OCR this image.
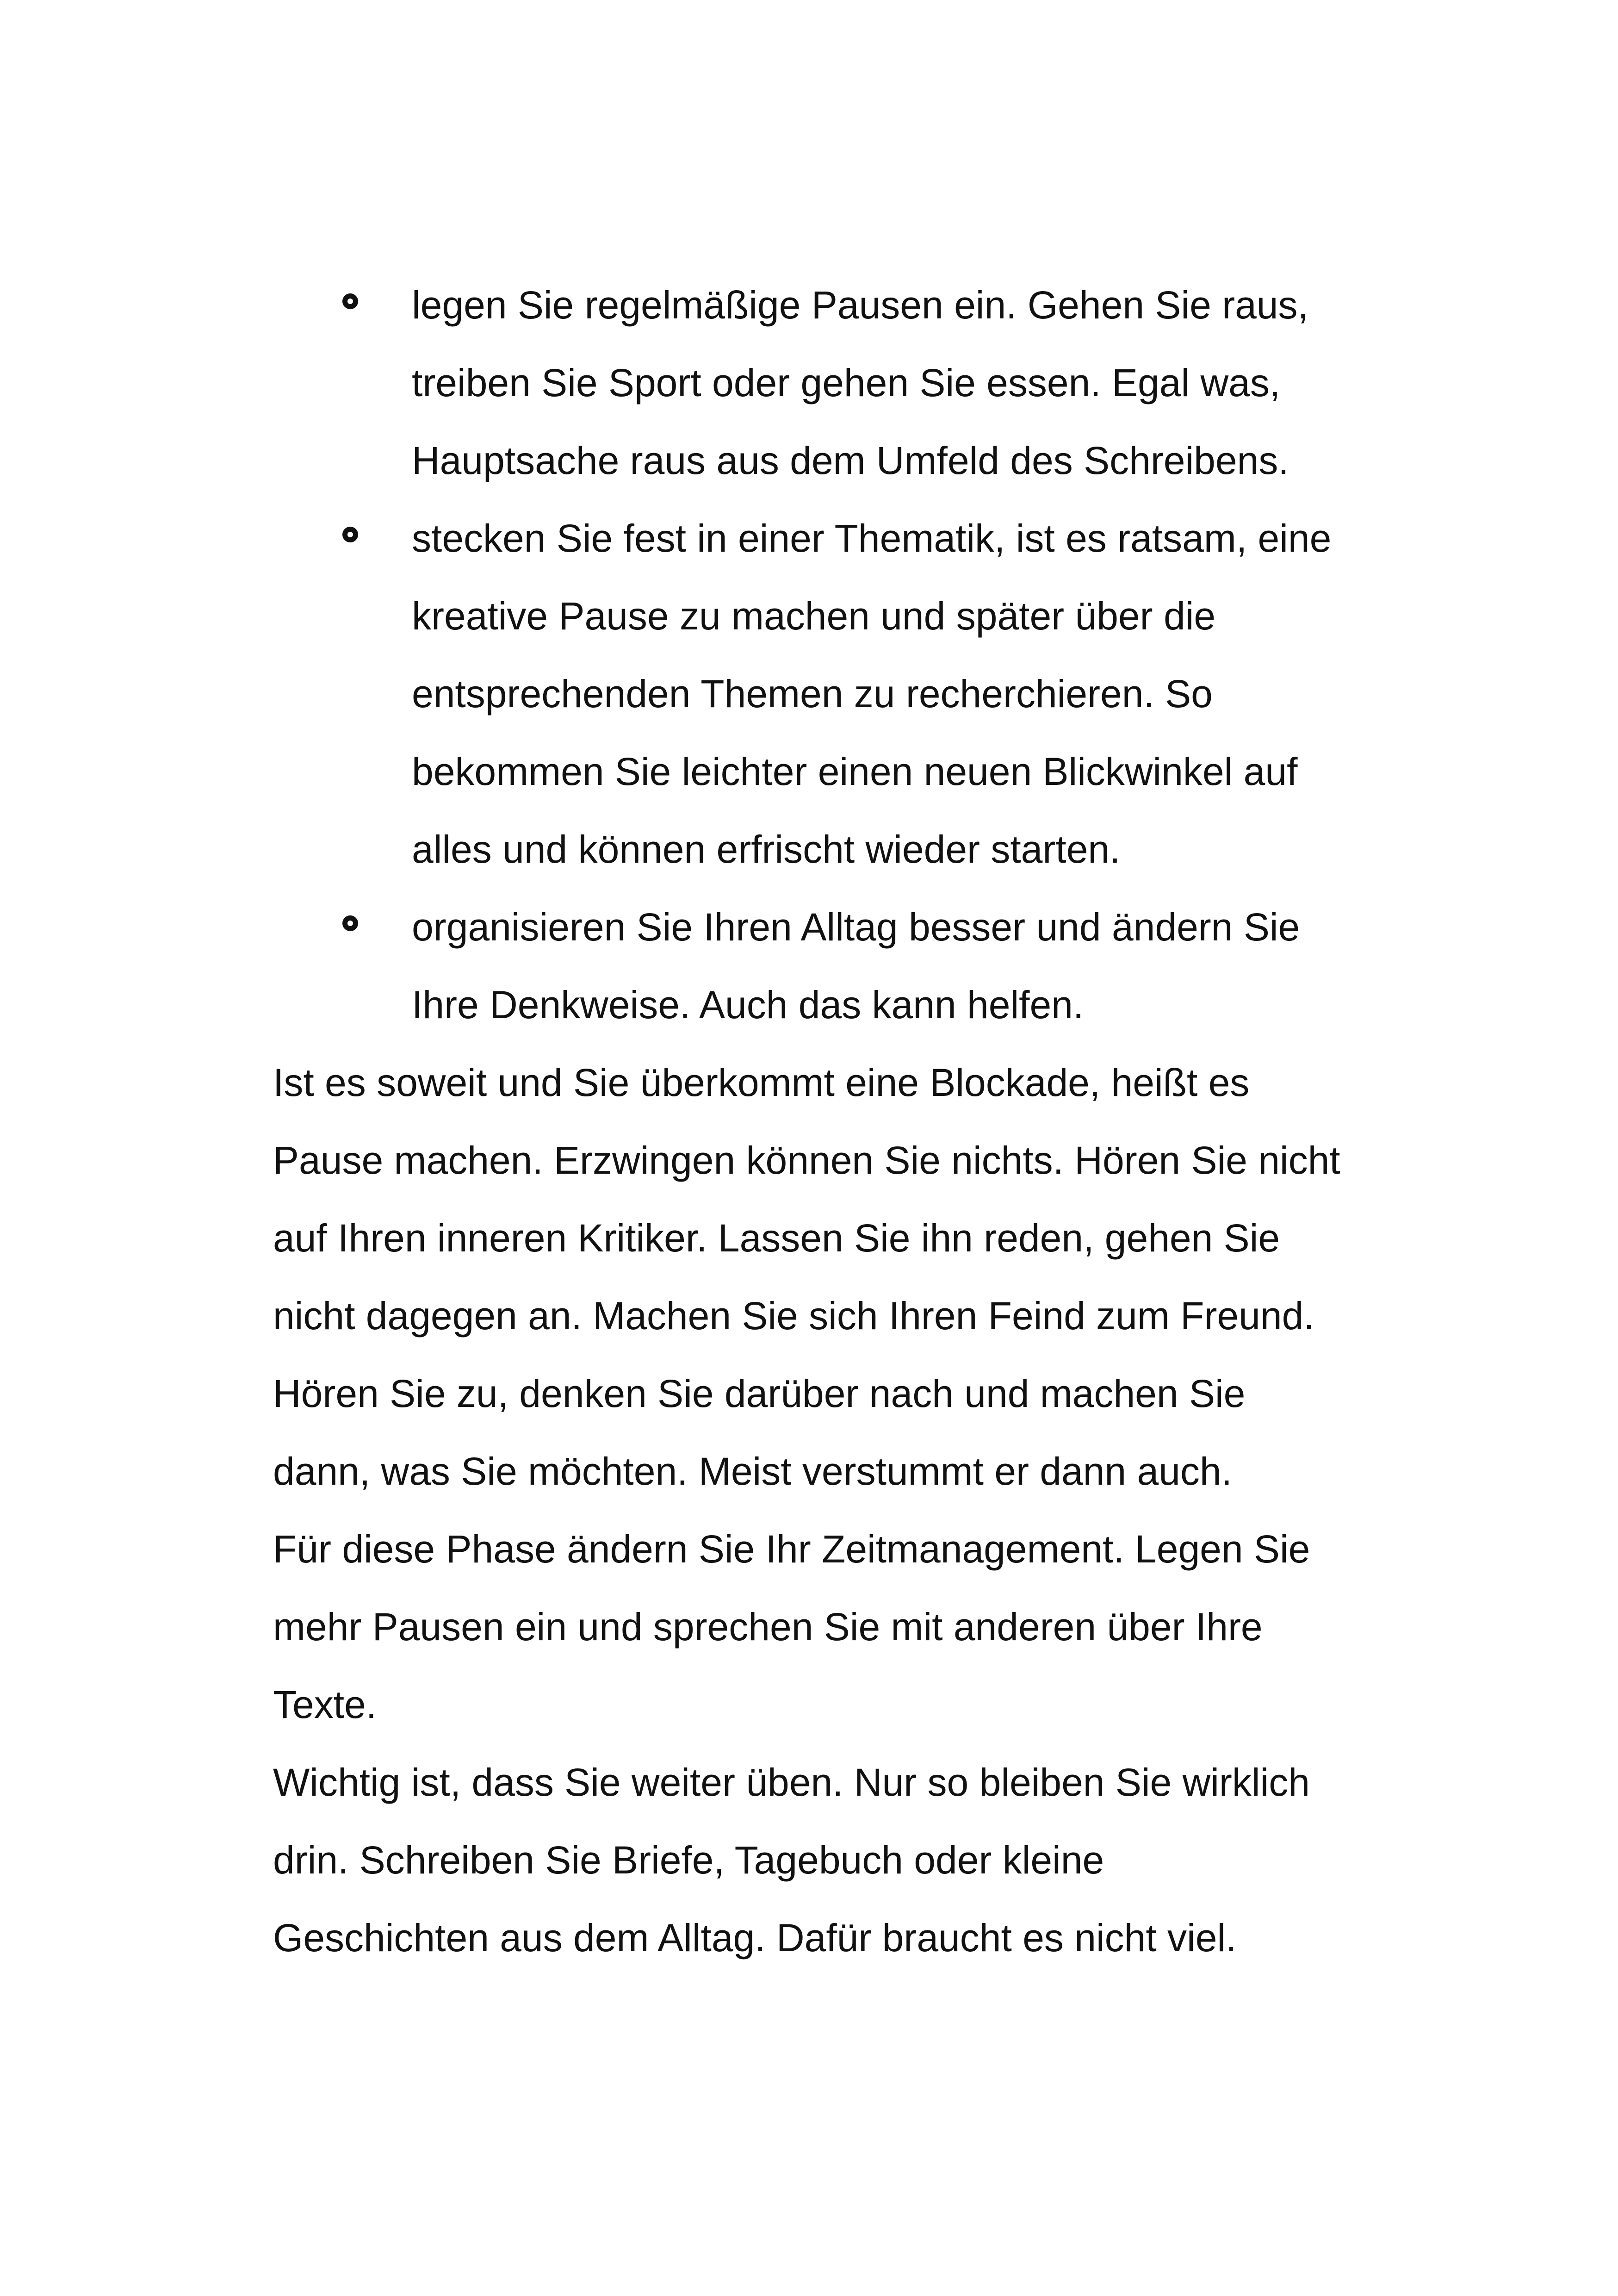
legen Sie regelmäßige Pausen ein. Gehen Sie raus,
treiben Sie Sport oder gehen Sie essen. Egal was,
Hauptsache raus aus dem Umfeld des Schreibens.
stecken Sie fest in einer Thematik, ist es ratsam, eine
kreative Pause zu machen und später über die
entsprechenden Themen zu recherchieren. So
bekommen Sie leichter einen neuen Blickwinkel auf
alles und können erfrischt wieder starten.
organisieren Sie Ihren Alltag besser und ändern Sie
Ihre Denkweise. Auch das kann helfen.

Ist es soweit und Sie überkommt eine Blockade, heißt es
Pause machen. Erzwingen können Sie nichts. Hören Sie nicht
auf Ihren inneren Kritiker. Lassen Sie ihn reden, gehen Sie
nicht dagegen an. Machen Sie sich Ihren Feind zum Freund.
Hören Sie zu, denken Sie darüber nach und machen Sie
dann, was Sie möchten. Meist verstummt er dann auch.

Für diese Phase ändern Sie Ihr Zeitmanagement. Legen Sie
mehr Pausen ein und sprechen Sie mit anderen über Ihre
Texte.

Wichtig ist, dass Sie weiter üben. Nur so bleiben Sie wirklich
drin. Schreiben Sie Briefe, Tagebuch oder kleine
Geschichten aus dem Alltag. Dafür braucht es nicht viel.
